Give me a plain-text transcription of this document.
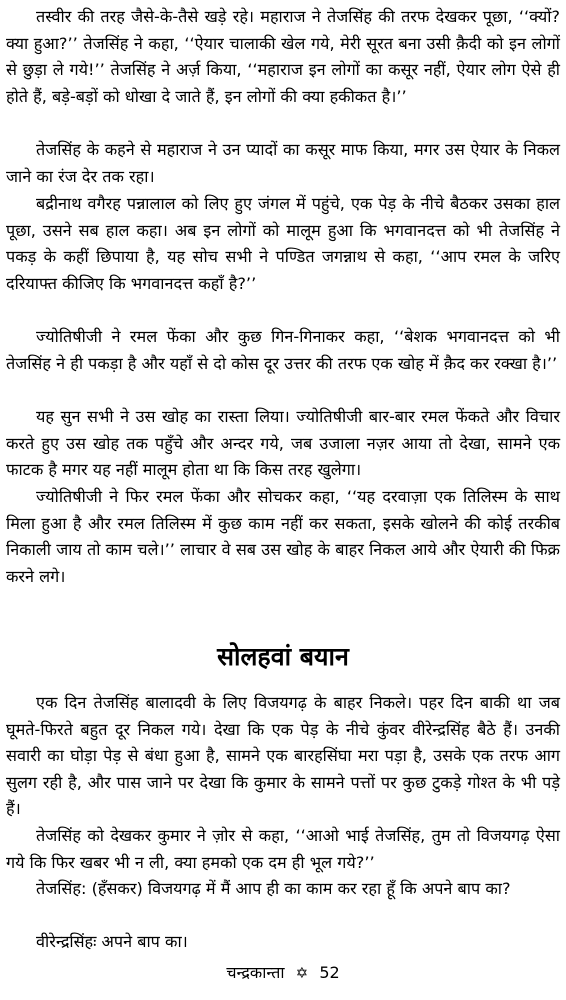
तस्वीर की तरह जैसे-के-तैसे खड़े रहे। महाराज ने तेजसिंह की तरफ देखकर पूछा, ‘‘क्यों? क्या हुआ?’’ तेजसिंह ने कहा, ‘‘ऐयार चालाकी खेल गये, मेरी सूरत बना उसी क़ैदी को इन लोगों से छुड़ा ले गये!’’ तेजसिंह ने अर्ज़ किया, ‘‘महाराज इन लोगों का कसूर नहीं, ऐयार लोग ऐसे ही होते हैं, बड़े-बड़ों को धोखा दे जाते हैं, इन लोगों की क्या हकीकत है।’’

तेजसिंह के कहने से महाराज ने उन प्यादों का कसूर माफ किया, मगर उस ऐयार के निकल जाने का रंज देर तक रहा।

बद्रीनाथ वगैरह पन्नालाल को लिए हुए जंगल में पहुंचे, एक पेड़ के नीचे बैठकर उसका हाल पूछा, उसने सब हाल कहा। अब इन लोगों को मालूम हुआ कि भगवानदत्त को भी तेजसिंह ने पकड़ के कहीं छिपाया है, यह सोच सभी ने पण्डित जगन्नाथ से कहा, ‘‘आप रमल के जरिए दरियाफ्त कीजिए कि भगवानदत्त कहाँ है?’’

ज्योतिषीजी ने रमल फेंका और कुछ गिन-गिनाकर कहा, ‘‘बेशक भगवानदत्त को भी तेजसिंह ने ही पकड़ा है और यहाँ से दो कोस दूर उत्तर की तरफ एक खोह में क़ैद कर रक्खा है।’’

यह सुन सभी ने उस खोह का रास्ता लिया। ज्योतिषीजी बार-बार रमल फेंकते और विचार करते हुए उस खोह तक पहुँचे और अन्दर गये, जब उजाला नज़र आया तो देखा, सामने एक फाटक है मगर यह नहीं मालूम होता था कि किस तरह खुलेगा।

ज्योतिषीजी ने फिर रमल फेंका और सोचकर कहा, ‘‘यह दरवाज़ा एक तिलिस्म के साथ मिला हुआ है और रमल तिलिस्म में कुछ काम नहीं कर सकता, इसके खोलने की कोई तरकीब निकाली जाय तो काम चले।’’ लाचार वे सब उस खोह के बाहर निकल आये और ऐयारी की फिक्र करने लगे।

सोलहवां बयान

एक दिन तेजसिंह बालादवी के लिए विजयगढ़ के बाहर निकले। पहर दिन बाकी था जब घूमते-फिरते बहुत दूर निकल गये। देखा कि एक पेड़ के नीचे कुंवर वीरेन्द्रसिंह बैठे हैं। उनकी सवारी का घोड़ा पेड़ से बंधा हुआ है, सामने एक बारहसिंघा मरा पड़ा है, उसके एक तरफ आग सुलग रही है, और पास जाने पर देखा कि कुमार के सामने पत्तों पर कुछ टुकड़े गोश्त के भी पड़े हैं।

तेजसिंह को देखकर कुमार ने ज़ोर से कहा, ‘‘आओ भाई तेजसिंह, तुम तो विजयगढ़ ऐसा गये कि फिर खबर भी न ली, क्या हमको एक दम ही भूल गये?’’

तेजसिंह: (हँसकर) विजयगढ़ में मैं आप ही का काम कर रहा हूँ कि अपने बाप का?

वीरेन्द्रसिंहः अपने बाप का।

चन्द्रकान्ता ✡ 52
